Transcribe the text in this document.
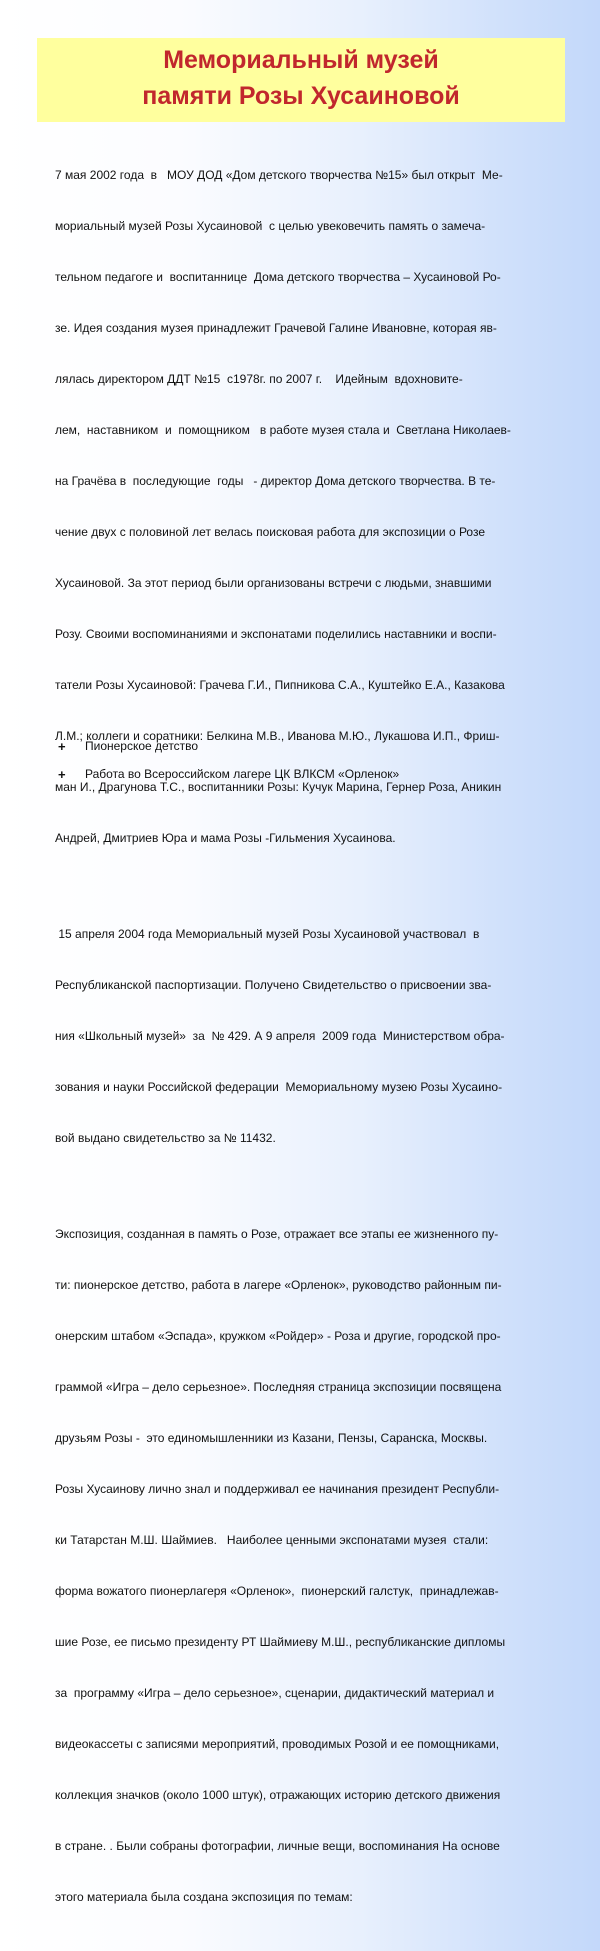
Мемориальный музей
памяти Розы Хусаиновой

7 мая 2002 года  в   МОУ ДОД «Дом детского творчества №15» был открыт  Ме-

мориальный музей Розы Хусаиновой  с целью увековечить память о замеча-

тельном педагоге и  воспитаннице  Дома детского творчества – Хусаиновой Ро-

зе. Идея создания музея принадлежит Грачевой Галине Ивановне, которая яв-

лялась директором ДДТ №15  с1978г. по 2007 г.    Идейным  вдохновите-

лем,  наставником  и  помощником   в работе музея стала и  Светлана Николаев-

на Грачёва в  последующие  годы   - директор Дома детского творчества. В те-

чение двух с половиной лет велась поисковая работа для экспозиции о Розе

Хусаиновой. За этот период были организованы встречи с людьми, знавшими

Розу. Своими воспоминаниями и экспонатами поделились наставники и воспи-

татели Розы Хусаиновой: Грачева Г.И., Пипникова С.А., Куштейко Е.А., Казакова

Л.М.; коллеги и соратники: Белкина М.В., Иванова М.Ю., Лукашова И.П., Фриш-

ман И., Драгунова Т.С., воспитанники Розы: Кучук Марина, Гернер Роза, Аникин

Андрей, Дмитриев Юра и мама Розы -Гильмения Хусаинова.

15 апреля 2004 года Мемориальный музей Розы Хусаиновой участвовал  в

Республиканской паспортизации. Получено Свидетельство о присвоении зва-

ния «Школьный музей»  за  № 429. А 9 апреля  2009 года  Министерством обра-

зования и науки Российской федерации  Мемориальному музею Розы Хусаино-

вой выдано свидетельство за № 11432.

Экспозиция, созданная в память о Розе, отражает все этапы ее жизненного пу-

ти: пионерское детство, работа в лагере «Орленок», руководство районным пи-

онерским штабом «Эспада», кружком «Ройдер» - Роза и другие, городской про-

граммой «Игра – дело серьезное». Последняя страница экспозиции посвящена

друзьям Розы -  это единомышленники из Казани, Пензы, Саранска, Москвы.

Розы Хусаинову лично знал и поддерживал ее начинания президент Республи-

ки Татарстан М.Ш. Шаймиев.   Наиболее ценными экспонатами музея  стали:

форма вожатого пионерлагеря «Орленок»,  пионерский галстук,  принадлежав-

шие Розе, ее письмо президенту РТ Шаймиеву М.Ш., республиканские дипломы

за  программу «Игра – дело серьезное», сценарии, дидактический материал и

видеокассеты с записями мероприятий, проводимых Розой и ее помощниками,

коллекция значков (около 1000 штук), отражающих историю детского движения

в стране. . Были собраны фотографии, личные вещи, воспоминания На основе

этого материала была создана экспозиция по темам:

+ Пионерское детство
+ Работа во Всероссийском лагере ЦК ВЛКСМ «Орленок»
